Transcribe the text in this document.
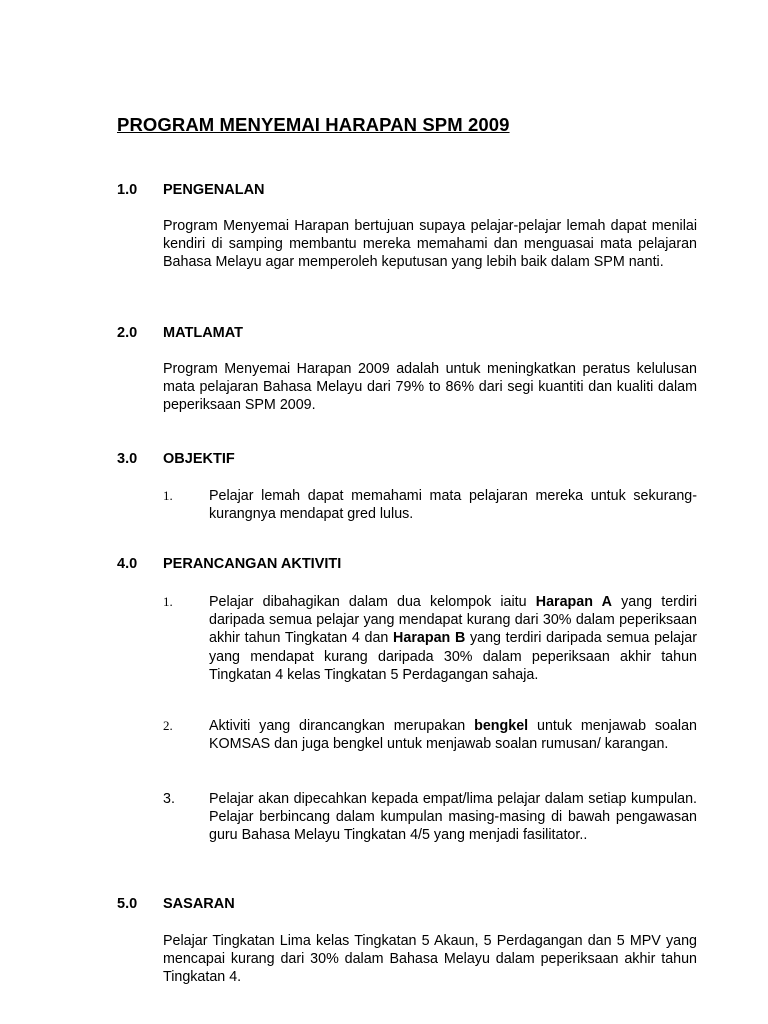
PROGRAM MENYEMAI HARAPAN SPM 2009
1.0 PENGENALAN
Program Menyemai Harapan bertujuan supaya pelajar-pelajar lemah dapat menilai kendiri di samping membantu mereka memahami dan menguasai mata pelajaran Bahasa Melayu agar memperoleh keputusan yang lebih baik dalam SPM nanti.
2.0 MATLAMAT
Program Menyemai Harapan 2009 adalah untuk meningkatkan peratus kelulusan mata pelajaran Bahasa Melayu dari 79% to 86% dari segi kuantiti dan kualiti dalam peperiksaan SPM 2009.
3.0 OBJEKTIF
1.	Pelajar lemah dapat memahami mata pelajaran mereka untuk sekurang-kurangnya mendapat gred lulus.
4.0 PERANCANGAN AKTIVITI
1.	Pelajar dibahagikan dalam dua kelompok iaitu Harapan A yang terdiri daripada semua pelajar yang mendapat kurang dari 30% dalam peperiksaan akhir tahun Tingkatan 4 dan Harapan B yang terdiri daripada semua pelajar yang mendapat kurang daripada 30% dalam peperiksaan akhir tahun Tingkatan 4 kelas Tingkatan 5 Perdagangan sahaja.
2.	Aktiviti yang dirancangkan merupakan bengkel untuk menjawab soalan KOMSAS dan juga bengkel untuk menjawab soalan rumusan/ karangan.
3. Pelajar akan dipecahkan kepada empat/lima pelajar dalam setiap kumpulan. Pelajar berbincang dalam kumpulan masing-masing di bawah pengawasan guru Bahasa Melayu Tingkatan 4/5 yang menjadi fasilitator..
5.0 SASARAN
Pelajar Tingkatan Lima kelas Tingkatan 5 Akaun, 5 Perdagangan dan 5 MPV yang mencapai kurang dari 30% dalam Bahasa Melayu dalam peperiksaan akhir tahun Tingkatan 4.
